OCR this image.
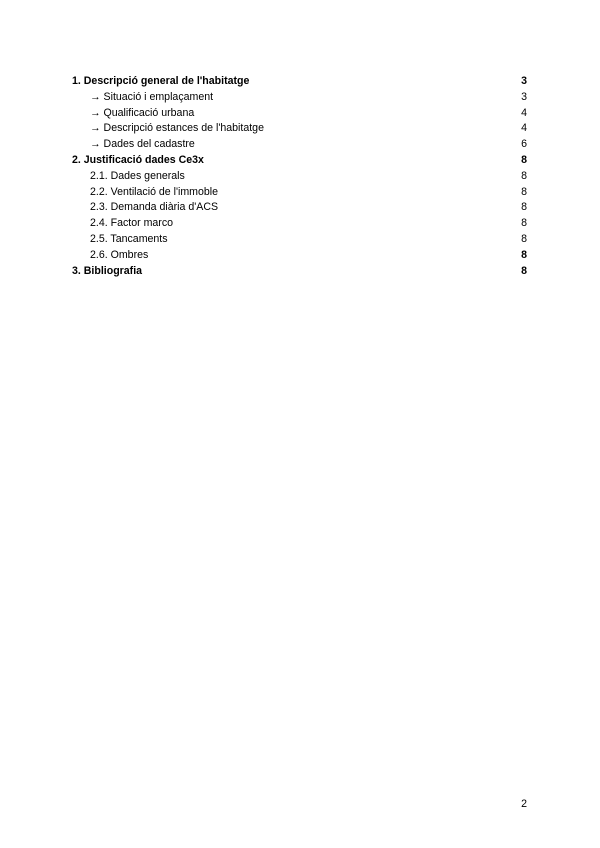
1. Descripció general de l'habitatge	3
→ Situació i emplaçament	3
→ Qualificació urbana	4
→ Descripció estances de l'habitatge	4
→ Dades del cadastre	6
2. Justificació dades Ce3x	8
2.1. Dades generals	8
2.2. Ventilació de l'immoble	8
2.3. Demanda diària d'ACS	8
2.4. Factor marco	8
2.5. Tancaments	8
2.6. Ombres	8
3. Bibliografia	8
2
